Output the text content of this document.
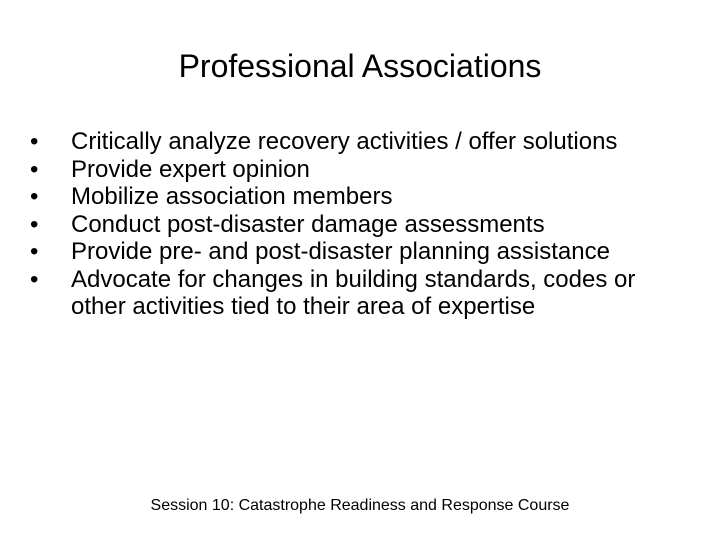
Professional Associations
•	Critically analyze recovery activities / offer solutions
•	Provide expert opinion
•	Mobilize association members
•	Conduct post-disaster damage assessments
•	Provide pre- and post-disaster planning assistance
•	Advocate for changes in building standards, codes or other activities tied to their area of expertise
Session 10: Catastrophe Readiness and Response Course
